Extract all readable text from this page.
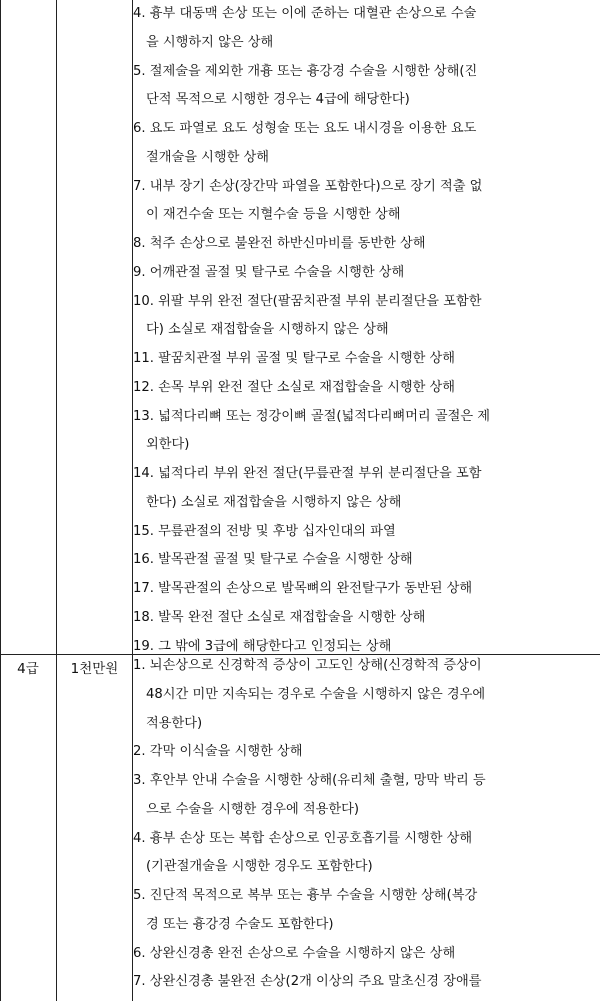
4. 흉부 대동맥 손상 또는 이에 준하는 대혈관 손상으로 수술
을 시행하지 않은 상해
5. 절제술을 제외한 개흉 또는 흉강경 수술을 시행한 상해(진
단적 목적으로 시행한 경우는 4급에 해당한다)
6. 요도 파열로 요도 성형술 또는 요도 내시경을 이용한 요도
절개술을 시행한 상해
7. 내부 장기 손상(장간막 파열을 포함한다)으로 장기 적출 없
이 재건수술 또는 지혈수술 등을 시행한 상해
8. 척주 손상으로 불완전 하반신마비를 동반한 상해
9. 어깨관절 골절 및 탈구로 수술을 시행한 상해
10. 위팔 부위 완전 절단(팔꿈치관절 부위 분리절단을 포함한
다) 소실로 재접합술을 시행하지 않은 상해
11. 팔꿈치관절 부위 골절 및 탈구로 수술을 시행한 상해
12. 손목 부위 완전 절단 소실로 재접합술을 시행한 상해
13. 넓적다리뼈 또는 정강이뼈 골절(넓적다리뼈머리 골절은 제
외한다)
14. 넓적다리 부위 완전 절단(무릎관절 부위 분리절단을 포함
한다) 소실로 재접합술을 시행하지 않은 상해
15. 무릎관절의 전방 및 후방 십자인대의 파열
16. 발목관절 골절 및 탈구로 수술을 시행한 상해
17. 발목관절의 손상으로 발목뼈의 완전탈구가 동반된 상해
18. 발목 완전 절단 소실로 재접합술을 시행한 상해
19. 그 밖에 3급에 해당한다고 인정되는 상해
4급	1천만원	1. 뇌손상으로 신경학적 증상이 고도인 상해(신경학적 증상이
48시간 미만 지속되는 경우로 수술을 시행하지 않은 경우에
적용한다)
2. 각막 이식술을 시행한 상해
3. 후안부 안내 수술을 시행한 상해(유리체 출혈, 망막 박리 등
으로 수술을 시행한 경우에 적용한다)
4. 흉부 손상 또는 복합 손상으로 인공호흡기를 시행한 상해
(기관절개술을 시행한 경우도 포함한다)
5. 진단적 목적으로 복부 또는 흉부 수술을 시행한 상해(복강
경 또는 흉강경 수술도 포함한다)
6. 상완신경총 완전 손상으로 수술을 시행하지 않은 상해
7. 상완신경총 불완전 손상(2개 이상의 주요 말초신경 장애를
